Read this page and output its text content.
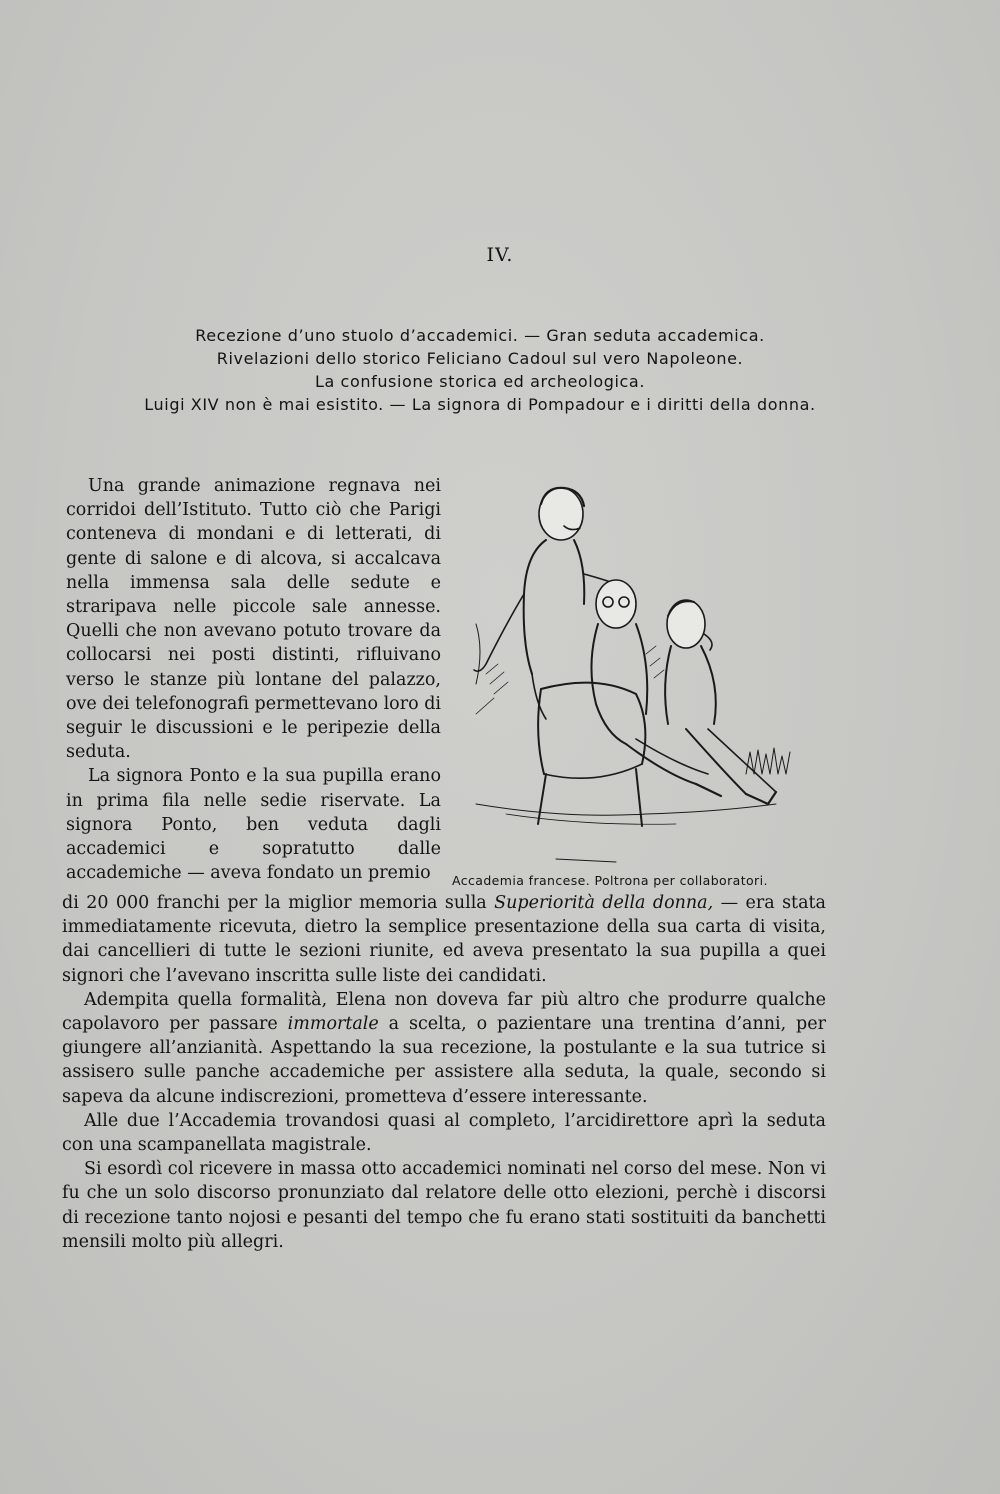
IV.
Recezione d’uno stuolo d’accademici. — Gran seduta accademica.
Rivelazioni dello storico Feliciano Cadoul sul vero Napoleone.
La confusione storica ed archeologica.
Luigi XIV non è mai esistito. — La signora di Pompadour e i diritti della donna.

Una grande animazione regnava nei corridoi dell’Istituto. Tutto ciò che Parigi conteneva di mondani e di letterati, di gente di salone e di alcova, si accalcava nella immensa sala delle sedute e straripava nelle piccole sale annesse. Quelli che non avevano potuto trovare da collocarsi nei posti distinti, rifluivano verso le stanze più lontane del palazzo, ove dei telefonografi permettevano loro di seguir le discussioni e le peripezie della seduta.

La signora Ponto e la sua pupilla erano in prima fila nelle sedie riservate. La signora Ponto, ben veduta dagli accademici e sopratutto dalle accademiche — aveva fondato un premio	Accademia francese. Poltrona per collaboratori.

di 20 000 franchi per la miglior memoria sulla Superiorità della donna, — era stata immediatamente ricevuta, dietro la semplice presentazione della sua carta di visita, dai cancellieri di tutte le sezioni riunite, ed aveva presentato la sua pupilla a quei signori che l’avevano inscritta sulle liste dei candidati.

Adempita quella formalità, Elena non doveva far più altro che produrre qualche capolavoro per passare immortale a scelta, o pazientare una trentina d’anni, per giungere all’anzianità. Aspettando la sua recezione, la postulante e la sua tutrice si assisero sulle panche accademiche per assistere alla seduta, la quale, secondo si sapeva da alcune indiscrezioni, prometteva d’essere interessante.

Alle due l’Accademia trovandosi quasi al completo, l’arcidirettore aprì la seduta con una scampanellata magistrale.

Si esordì col ricevere in massa otto accademici nominati nel corso del mese. Non vi fu che un solo discorso pronunziato dal relatore delle otto elezioni, perchè i discorsi di recezione tanto nojosi e pesanti del tempo che fu erano stati sostituiti da banchetti mensili molto più allegri.
